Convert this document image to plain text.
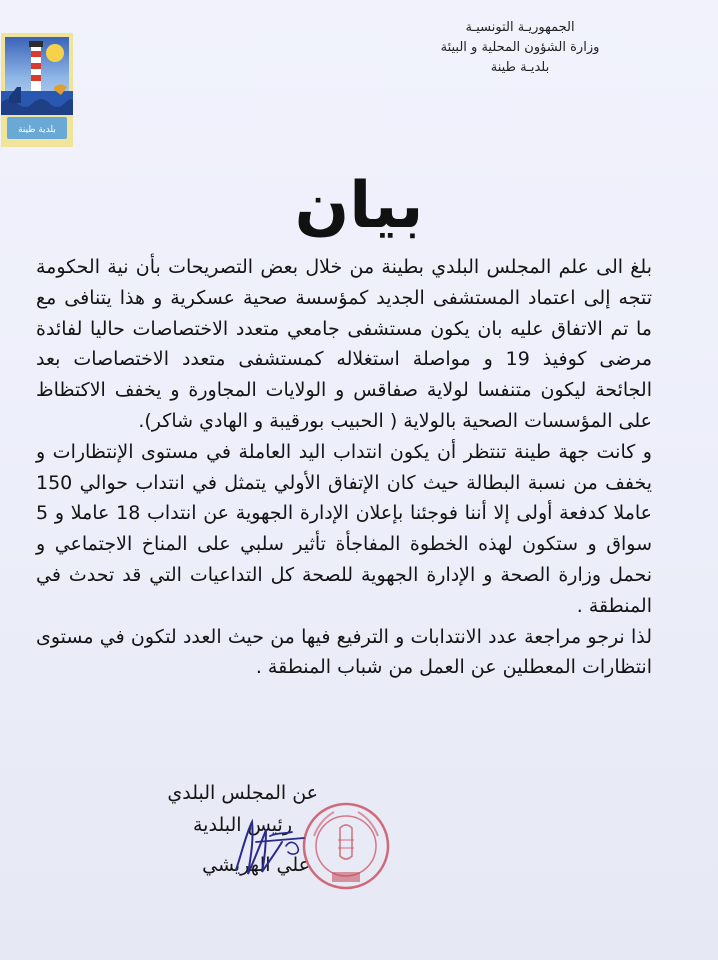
بلدية طينة
الجمهوريـة التونسيـة
وزارة الشؤون المحلية و البيئة
بلديـة طينة
بيان

بلغ الى علم المجلس البلدي بطينة من خلال بعض التصريحات بأن نية الحكومة تتجه إلى اعتماد المستشفى الجديد كمؤسسة صحية عسكرية و هذا يتنافى مع ما تم الاتفاق عليه بان يكون مستشفى جامعي متعدد الاختصاصات حاليا لفائدة مرضى كوفيذ 19 و مواصلة استغلاله كمستشفى متعدد الاختصاصات بعد الجائحة ليكون متنفسا لولاية صفاقس و الولايات المجاورة و يخفف الاكتظاظ على المؤسسات الصحية بالولاية ( الحبيب بورقيبة و الهادي شاكر).

و كانت جهة طينة تنتظر أن يكون انتداب اليد العاملة في مستوى الإنتظارات و يخفف من نسبة البطالة حيث كان الإتفاق الأولي يتمثل في انتداب حوالي 150 عاملا كدفعة أولى إلا أننا فوجئنا بإعلان الإدارة الجهوية عن انتداب 18 عاملا و 5 سواق و ستكون لهذه الخطوة المفاجأة تأثير سلبي على المناخ الاجتماعي و نحمل وزارة الصحة و الإدارة الجهوية للصحة كل التداعيات التي قد تحدث في المنطقة .

لذا نرجو مراجعة عدد الانتدابات و الترفيع فيها من حيث العدد لتكون في مستوى انتظارات المعطلين عن العمل من شباب المنطقة .

عن المجلس البلدي
رئيس البلدية
علي الهريشي
